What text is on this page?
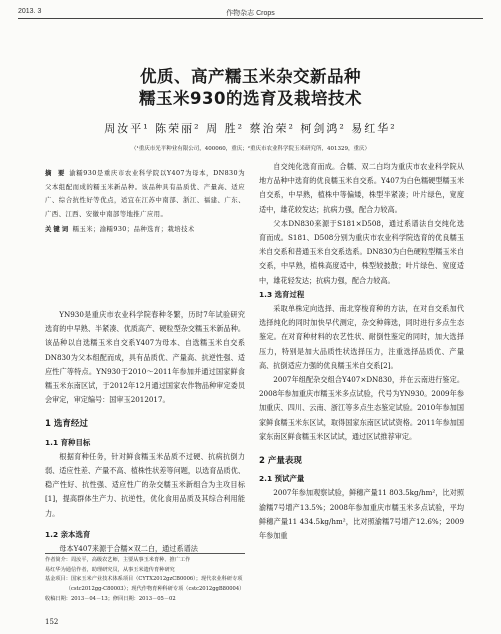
2013. 3	作物杂志 Crops
优质、高产糯玉米杂交新品种
糯玉米930的选育及栽培技术
周汝平¹ 陈荣丽² 周 胜² 蔡治荣² 柯剑鸿² 易红华²
（¹重庆市光平种业有限公司，400060，重庆；²重庆市农业科学院玉米研究所，401329，重庆）
摘 要 渝糯930是重庆市农业科学院以Y407为母本，DN830为父本组配而成的糯玉米新品种。该品种具有品质优、产量高、适应广、综合抗性好等优点，适宜在江苏中南部、浙江、福建、广东、广西、江西、安徽中南部等地推广应用。
关键词 糯玉米；渝糯930；品种选育；栽培技术

YN930是重庆市农业科学院春种冬繁，历时7年试验研究选育的中早熟、半紧凑、优质高产、硬粒型杂交糯玉米新品种。该品种以自选糯玉米自交系Y407为母本、自选糯玉米自交系DN830为父本组配而成，具有品质优、产量高、抗逆性强、适应性广等特点。YN930于2010～2011年参加并通过国家鲜食糯玉米东南区试，于2012年12月通过国家农作物品种审定委员会审定，审定编号：国审玉2012017。

1 选育经过
1.1 育种目标

根据育种任务，针对鲜食糯玉米品质不过硬、抗病抗倒力弱、适应性差、产量不高、植株性状差等问题，以选育品质优、稳产性好、抗性强、适应性广的杂交糯玉米新组合为主攻目标[1]，提高群体生产力、抗逆性，优化食用品质及其综合利用能力。

1.2 亲本选育

母本Y407来源于合糯×双二白，通过系谱法

作者简介：周汝平，高级农艺师，主要从事玉米育种、推广工作
易红华为通信作者，助理研究员，从事玉米遗传育种研究
基金项目：国家玉米产业技术体系项目（CYTX2012gzCB0006）；现代农业科研专项（cstc2012gg-C80003）；现代作物育种科研专项（cstc2012ggB80004）
收稿日期：2013－04－13；修回日期：2013－05－02
152

自交纯化选育而成。合糯、双二白均为重庆市农业科学院从地方品种中选育的优良糯玉米自交系。Y407为白色糯硬型糯玉米自交系，中早熟，植株中等偏矮，株型半紧凑；叶片绿色，宽度适中，雄花较发达；抗病力强，配合力较高。

父本DN830来源于S181×D508，通过系谱法自交纯化选育而成。S181、D508分别为重庆市农业科学院选育的优良糯玉米自交系和普通玉米自交系选系。DN830为白色硬粒型糯玉米自交系，中早熟，植株高度适中，株型较披散；叶片绿色、宽度适中，雄花轻发达；抗病力强，配合力较高。

1.3 选育过程

采取单株定向选择、南北穿梭育种的方法，在对自交系加代选择纯化的同时加快早代测定，杂交种筛选，同时进行多点生态鉴定。在对育种材料的农艺性状、耐倒性鉴定的同时，加大选择压力，特别是加大品质性状选择压力，注重选择品质优、产量高、抗倒适应力强的优良糯玉米自交系[2]。

2007年组配杂交组合Y407×DN830，并在云南进行鉴定。2008年参加重庆市糯玉米多点试验，代号为YN930。2009年参加重庆、四川、云南、浙江等多点生态鉴定试验。2010年参加国家鲜食糯玉米东区试，取得国家东南区试试资格。2011年参加国家东南区鲜食糯玉米区试试，通过区试推荐审定。

2 产量表现
2.1 预试产量

2007年参加观察试验，鲜穗产量11 803.5kg/hm²，比对照渝糯7号增产13.5%；2008年参加重庆市糯玉米多点试验，平均鲜穗产量11 434.5kg/hm²，比对照渝糯7号增产12.6%；2009年参加重
